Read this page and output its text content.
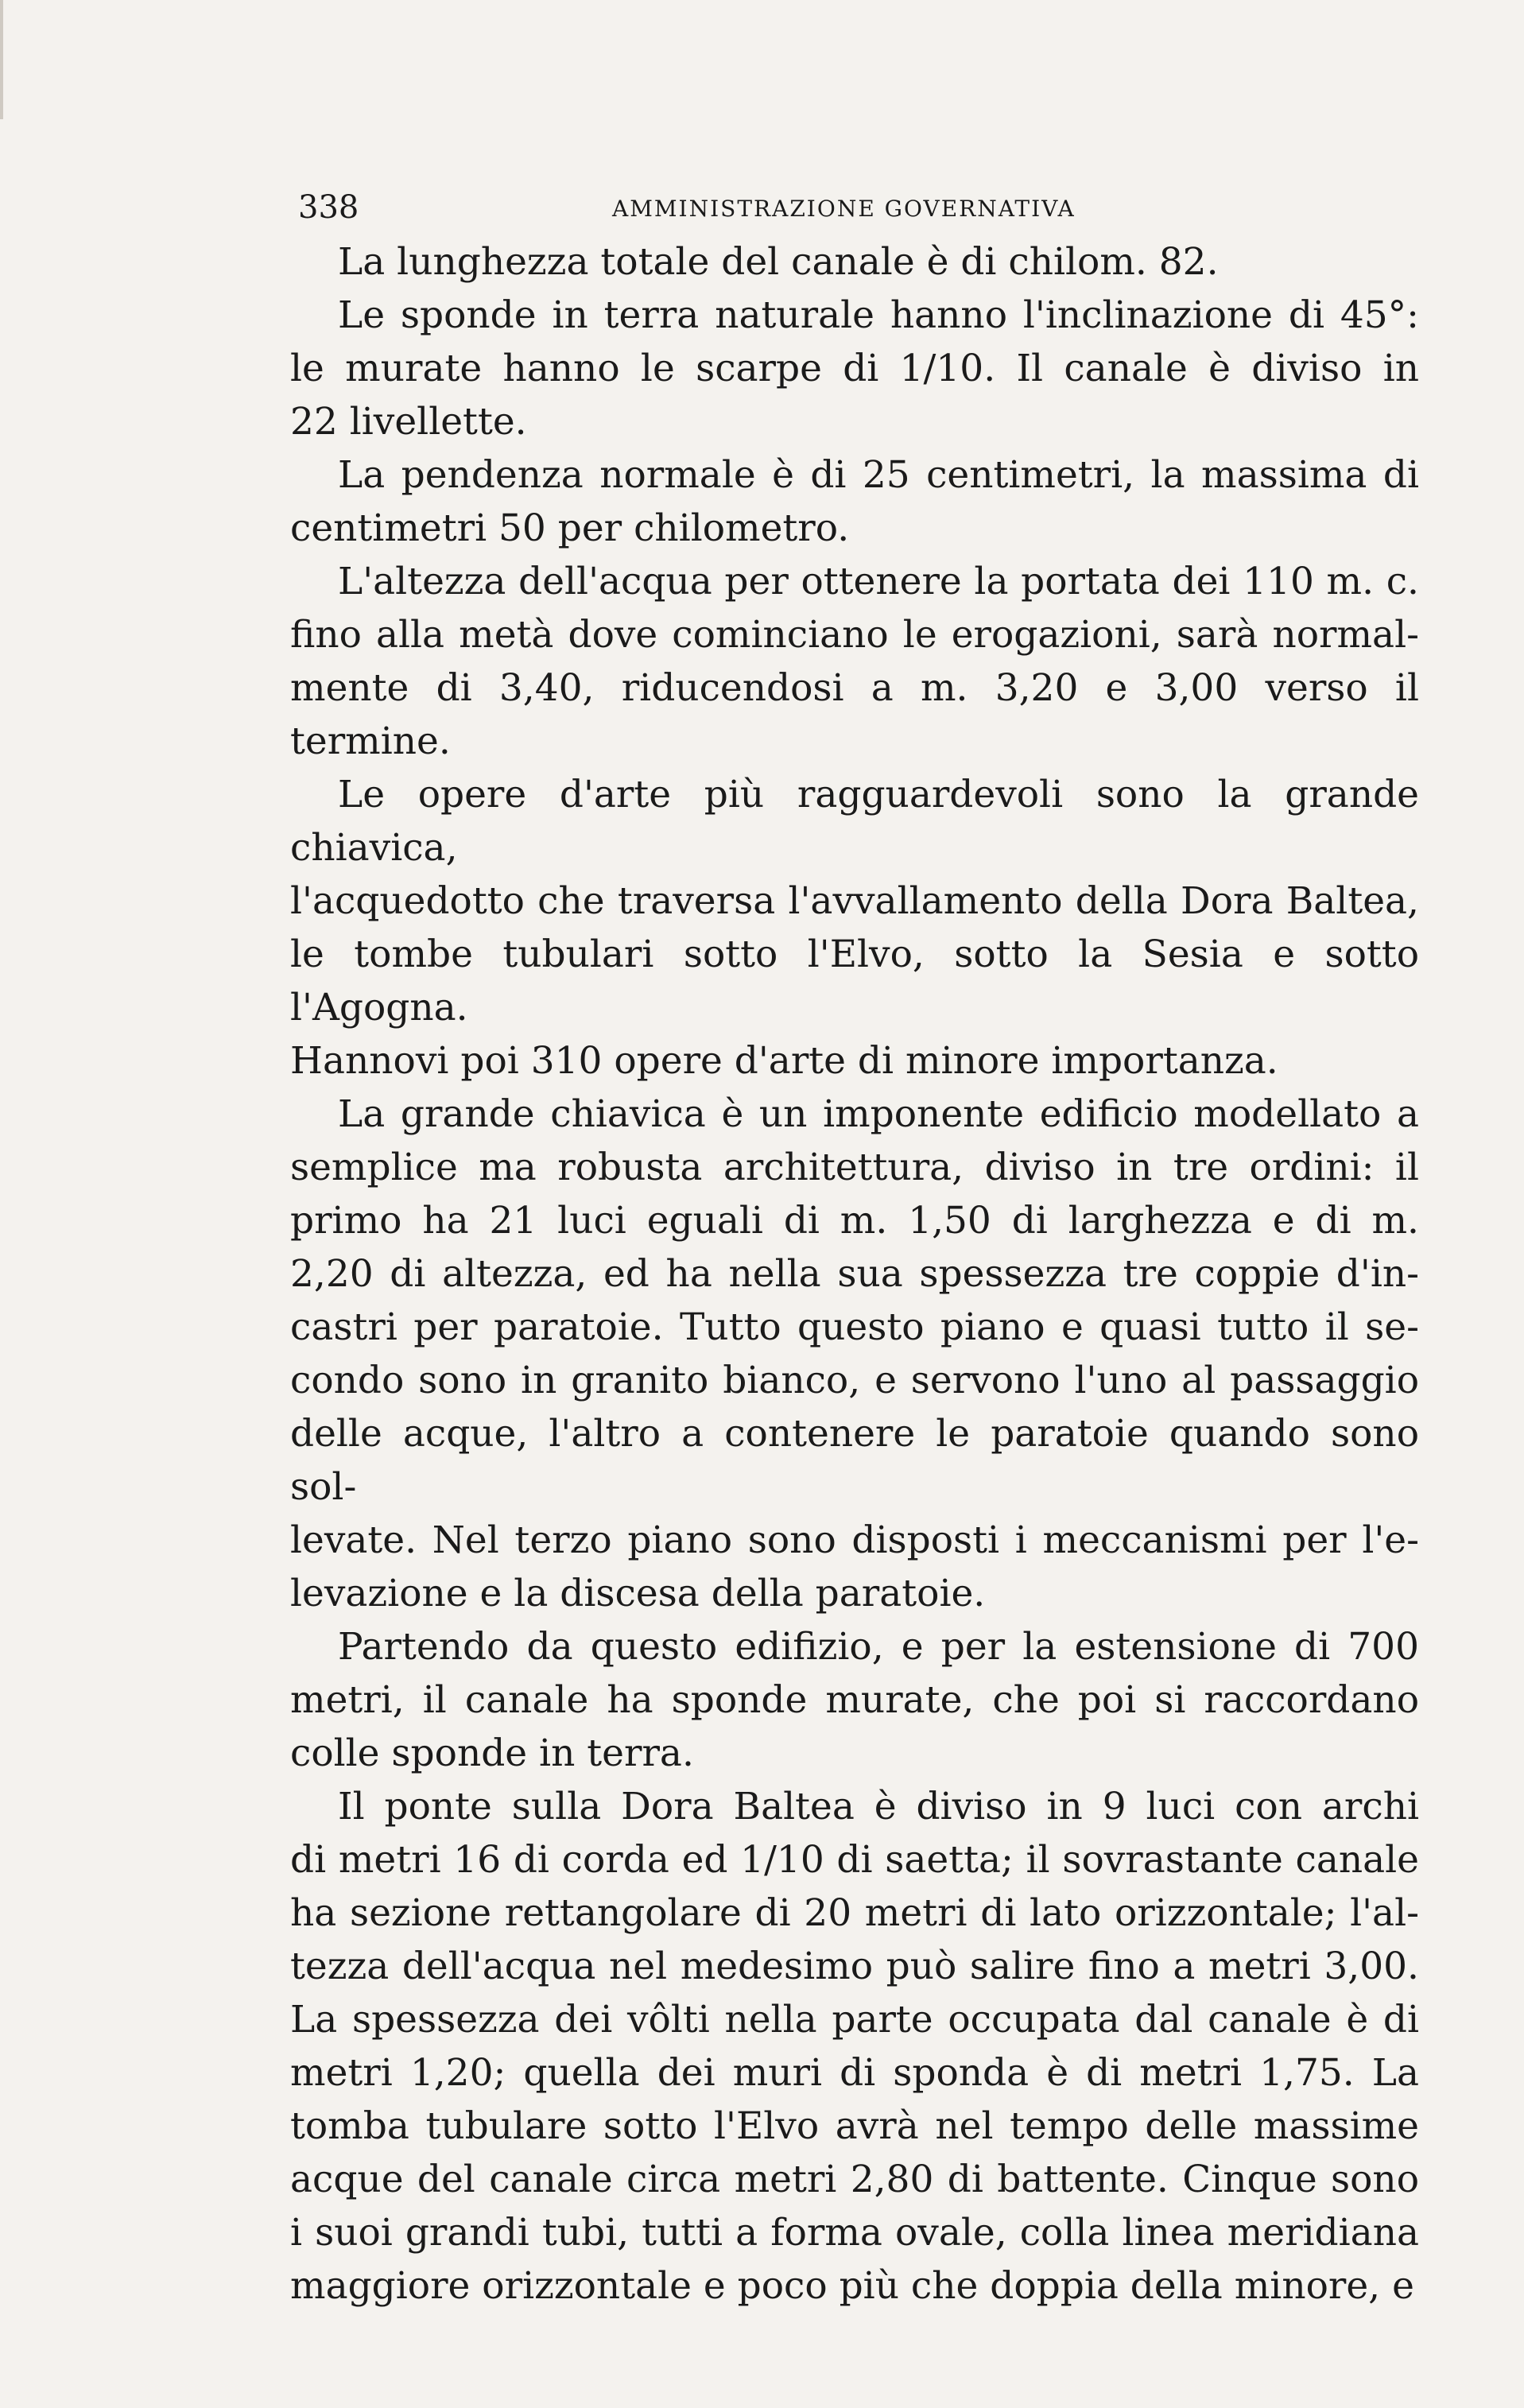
338	AMMINISTRAZIONE GOVERNATIVA

La lunghezza totale del canale è di chilom. 82.

Le sponde in terra naturale hanno l'inclinazione di 45°:
le murate hanno le scarpe di 1/10. Il canale è diviso in
22 livellette.

La pendenza normale è di 25 centimetri, la massima di
centimetri 50 per chilometro.

L'altezza dell'acqua per ottenere la portata dei 110 m. c.
fino alla metà dove cominciano le erogazioni, sarà normal-
mente di 3,40, riducendosi a m. 3,20 e 3,00 verso il termine.

Le opere d'arte più ragguardevoli sono la grande chiavica,
l'acquedotto che traversa l'avvallamento della Dora Baltea,
le tombe tubulari sotto l'Elvo, sotto la Sesia e sotto l'Agogna.
Hannovi poi 310 opere d'arte di minore importanza.

La grande chiavica è un imponente edificio modellato a
semplice ma robusta architettura, diviso in tre ordini: il
primo ha 21 luci eguali di m. 1,50 di larghezza e di m.
2,20 di altezza, ed ha nella sua spessezza tre coppie d'in-
castri per paratoie. Tutto questo piano e quasi tutto il se-
condo sono in granito bianco, e servono l'uno al passaggio
delle acque, l'altro a contenere le paratoie quando sono sol-
levate. Nel terzo piano sono disposti i meccanismi per l'e-
levazione e la discesa della paratoie.

Partendo da questo edifizio, e per la estensione di 700
metri, il canale ha sponde murate, che poi si raccordano
colle sponde in terra.

Il ponte sulla Dora Baltea è diviso in 9 luci con archi
di metri 16 di corda ed 1/10 di saetta; il sovrastante canale
ha sezione rettangolare di 20 metri di lato orizzontale; l'al-
tezza dell'acqua nel medesimo può salire fino a metri 3,00.
La spessezza dei vôlti nella parte occupata dal canale è di
metri 1,20; quella dei muri di sponda è di metri 1,75. La
tomba tubulare sotto l'Elvo avrà nel tempo delle massime
acque del canale circa metri 2,80 di battente. Cinque sono
i suoi grandi tubi, tutti a forma ovale, colla linea meridiana
maggiore orizzontale e poco più che doppia della minore, e
